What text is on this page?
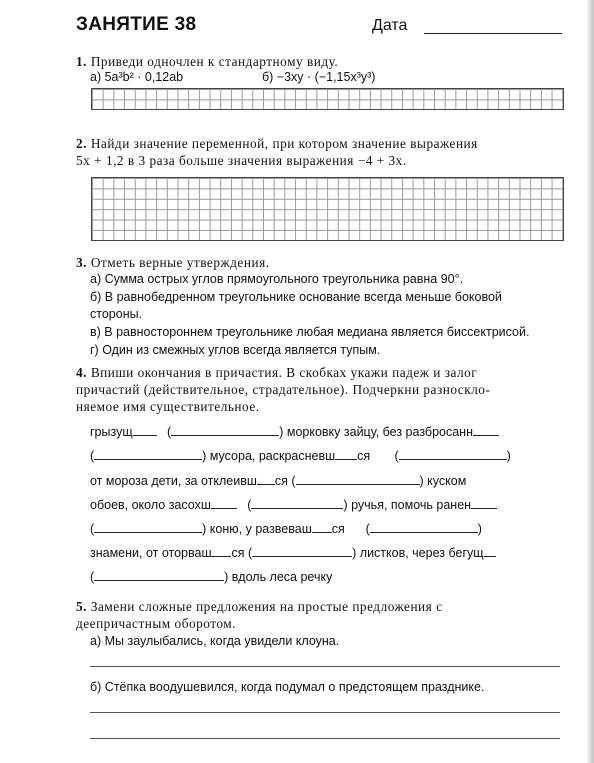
ЗАНЯТИЕ 38	Дата
1. Приведи одночлен к стандартному виду.
а) 5a³b² · 0,12ab	б) −3xy · (−1,15x³y³)
2. Найди значение переменной, при котором значение выражения
5x + 1,2 в 3 раза больше значения выражения −4 + 3x.
3. Отметь верные утверждения.
а) Сумма острых углов прямоугольного треугольника равна 90°.
б) В равнобедренном треугольнике основание всегда меньше боковой
стороны.
в) В равностороннем треугольнике любая медиана является биссектрисой.
г) Один из смежных углов всегда является тупым.
4. Впиши окончания в причастия. В скобках укажи падеж и залог
причастий (действительное, страдательное). Подчеркни разноскло-
няемое имя существительное.
грызущ	(	) морковку зайцу, без разбросанн
(	) мусора, раскрасневш ся (	)
от мороза дети, за отклеивш ся (	) куском
обоев, около засохш	(	) ручья, помочь ранен
(	) коню, у развеваш ся (	)
знамени, от оторваш ся (	) листков, через бегущ
(	) вдоль леса речку
5. Замени сложные предложения на простые предложения с
деепричастным оборотом.
а) Мы заулыбались, когда увидели клоуна.
б) Стёпка воодушевился, когда подумал о предстоящем празднике.
